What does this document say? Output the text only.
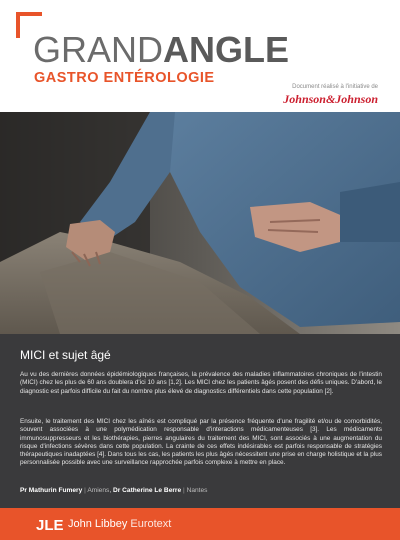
GRANDANGLE
GASTRO ENTÉROLOGIE
Document réalisé à l'initiative de
Johnson&Johnson
MICI et sujet âgé

Au vu des dernières données épidémiologiques françaises, la prévalence des maladies inflammatoires chroniques de l'intestin (MICI) chez les plus de 60 ans doublera d'ici 10 ans [1,2]. Les MICI chez les patients âgés posent des défis uniques. D'abord, le diagnostic est parfois difficile du fait du nombre plus élevé de diagnostics différentiels dans cette population [2].

Ensuite, le traitement des MICI chez les aînés est compliqué par la présence fréquente d'une fragilité et/ou de comorbidités, souvent associées à une polymédication responsable d'interactions médicamenteuses [3]. Les médicaments immunosuppresseurs et les biothérapies, pierres angulaires du traitement des MICI, sont associés à une augmentation du risque d'infections sévères dans cette population. La crainte de ces effets indésirables est parfois responsable de stratégies thérapeutiques inadaptées [4]. Dans tous les cas, les patients les plus âgés nécessitent une prise en charge holistique et la plus personnalisée possible avec une surveillance rapprochée parfois complexe à mettre en place.

Pr Mathurin Fumery | Amiens, Dr Catherine Le Berre | Nantes
JLE John Libbey Eurotext
